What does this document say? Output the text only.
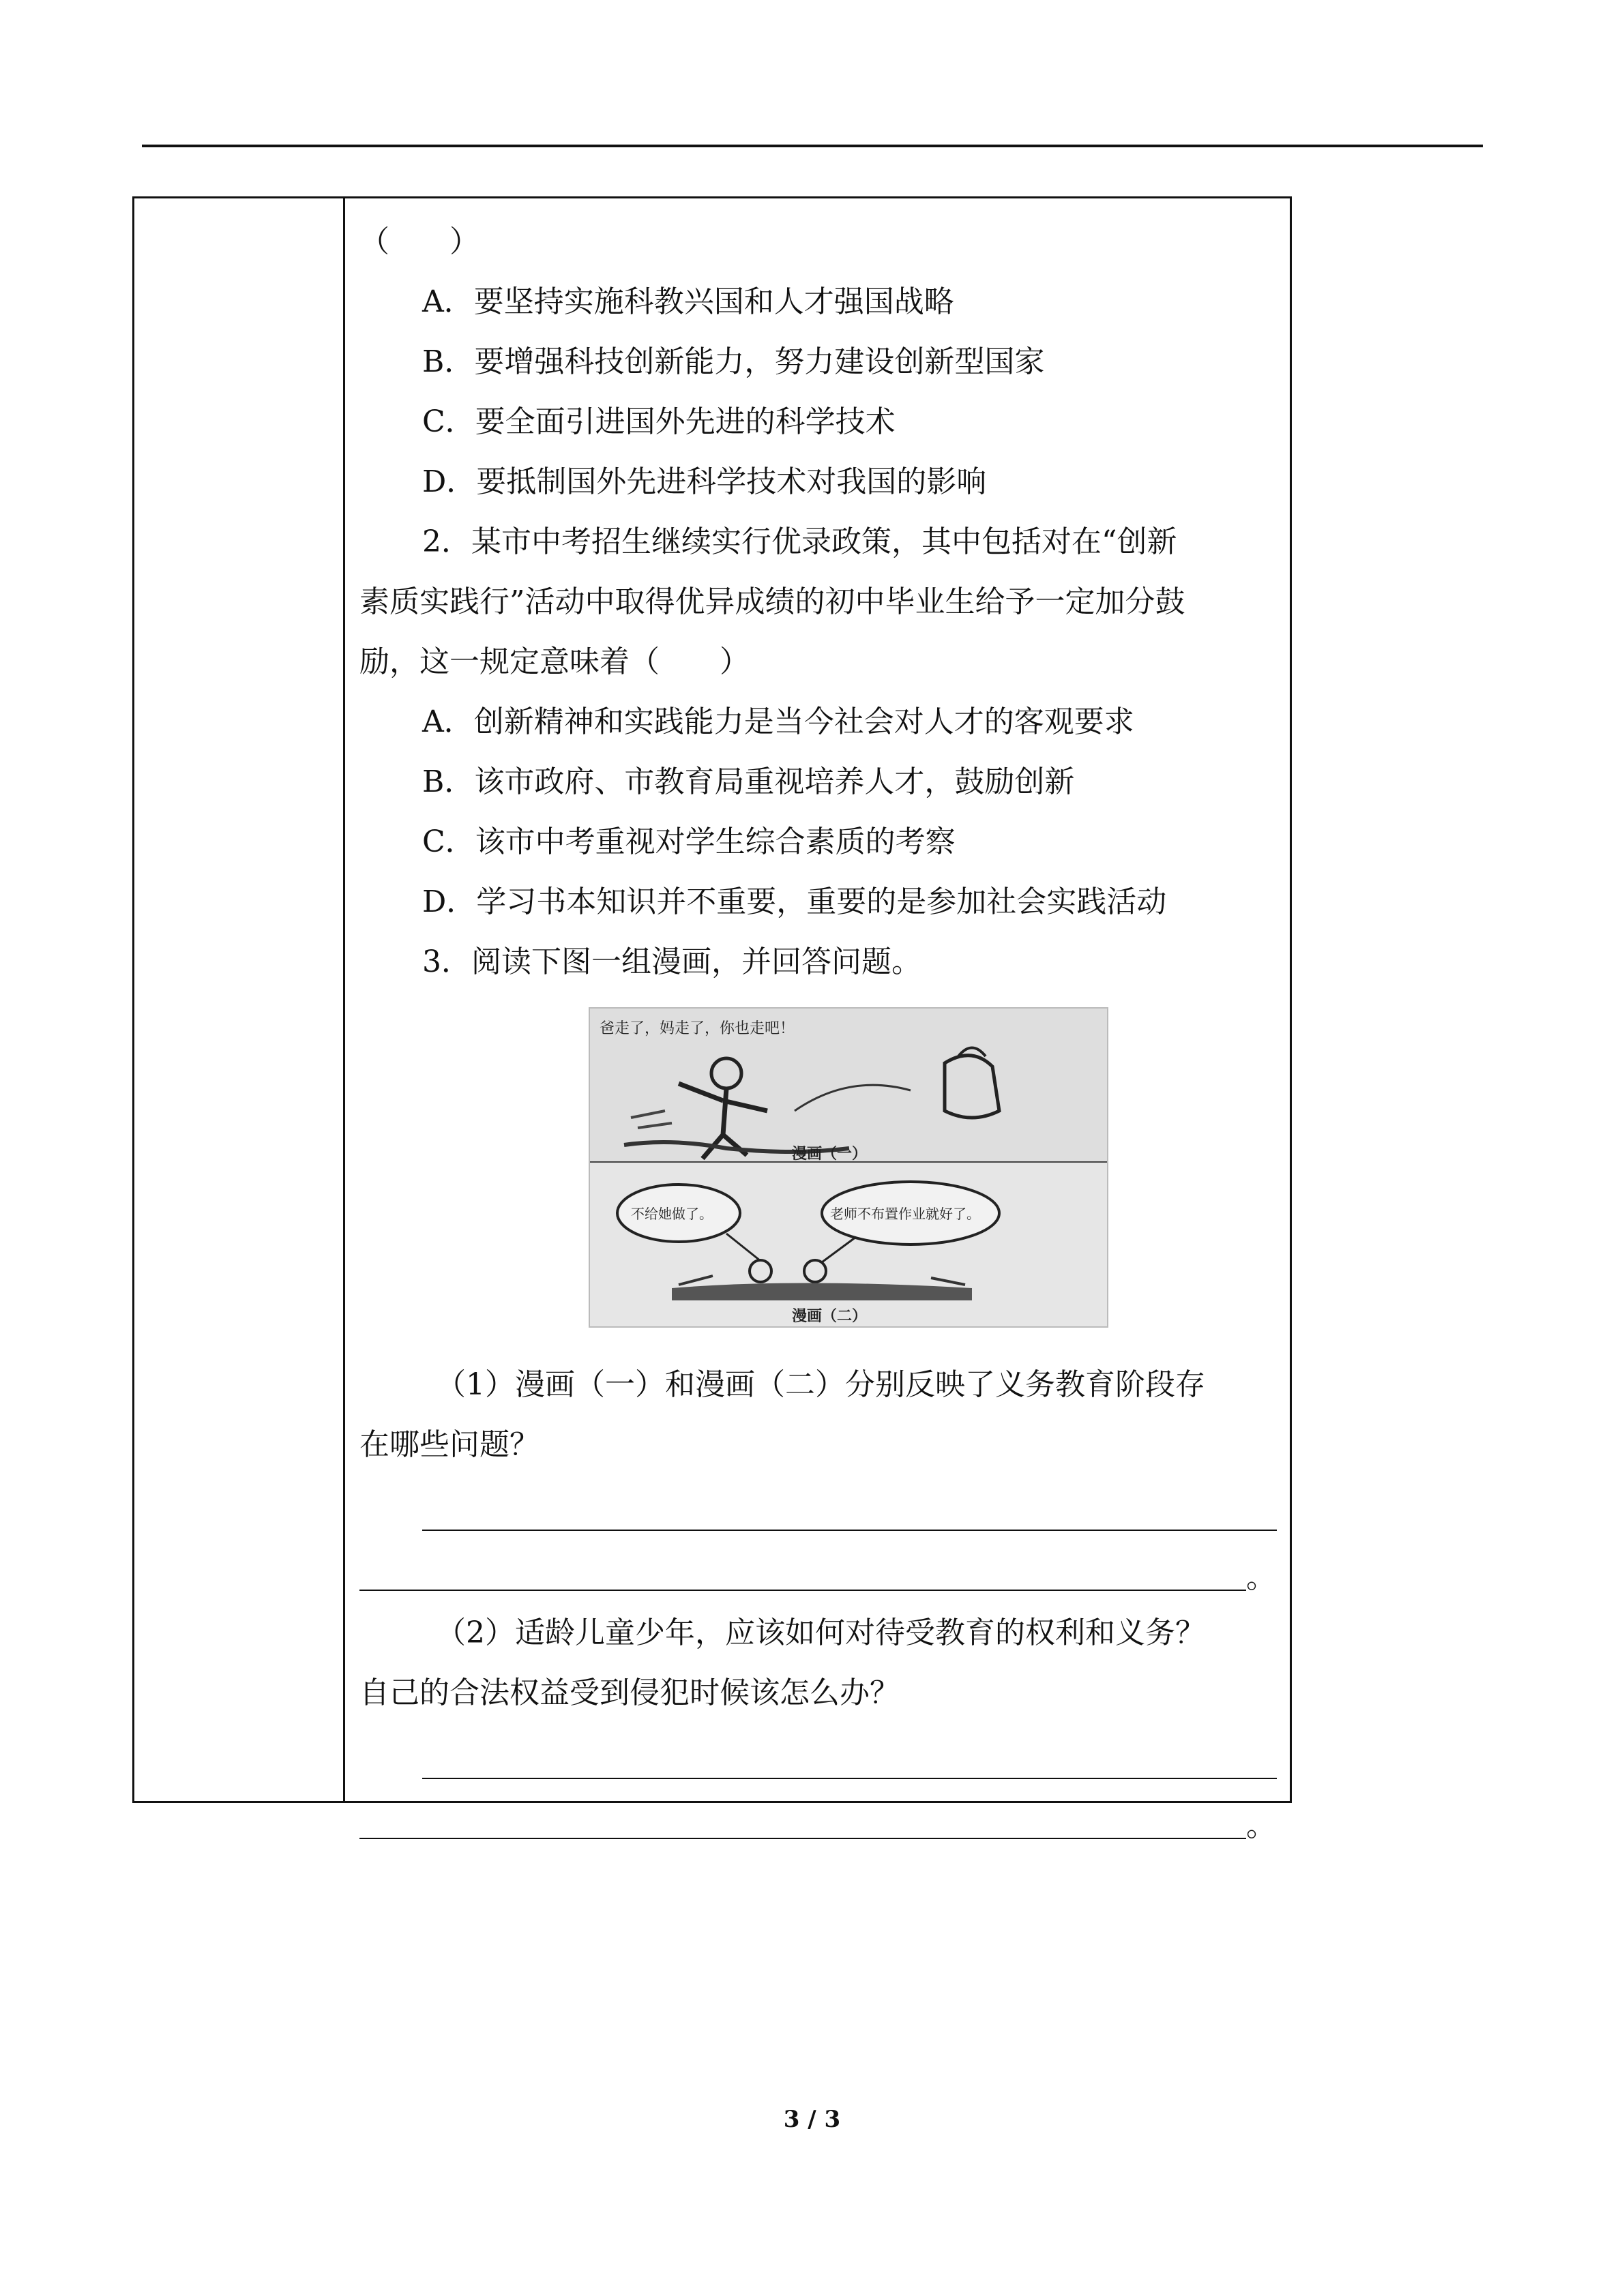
（　　）
A．要坚持实施科教兴国和人才强国战略
B．要增强科技创新能力，努力建设创新型国家
C．要全面引进国外先进的科学技术
D．要抵制国外先进科学技术对我国的影响
2．某市中考招生继续实行优录政策，其中包括对在“创新
素质实践行”活动中取得优异成绩的初中毕业生给予一定加分鼓
励，这一规定意味着（　　）
A．创新精神和实践能力是当今社会对人才的客观要求
B．该市政府、市教育局重视培养人才，鼓励创新
C．该市中考重视对学生综合素质的考察
D．学习书本知识并不重要，重要的是参加社会实践活动
3．阅读下图一组漫画，并回答问题。
爸走了，妈走了，你也走吧！
漫画（一）
不给她做了。	老师不布置作业就好了。
漫画（二）
（1）漫画（一）和漫画（二）分别反映了义务教育阶段存
在哪些问题？
。
（2）适龄儿童少年，应该如何对待受教育的权利和义务？
自己的合法权益受到侵犯时候该怎么办？
。
3 / 3
